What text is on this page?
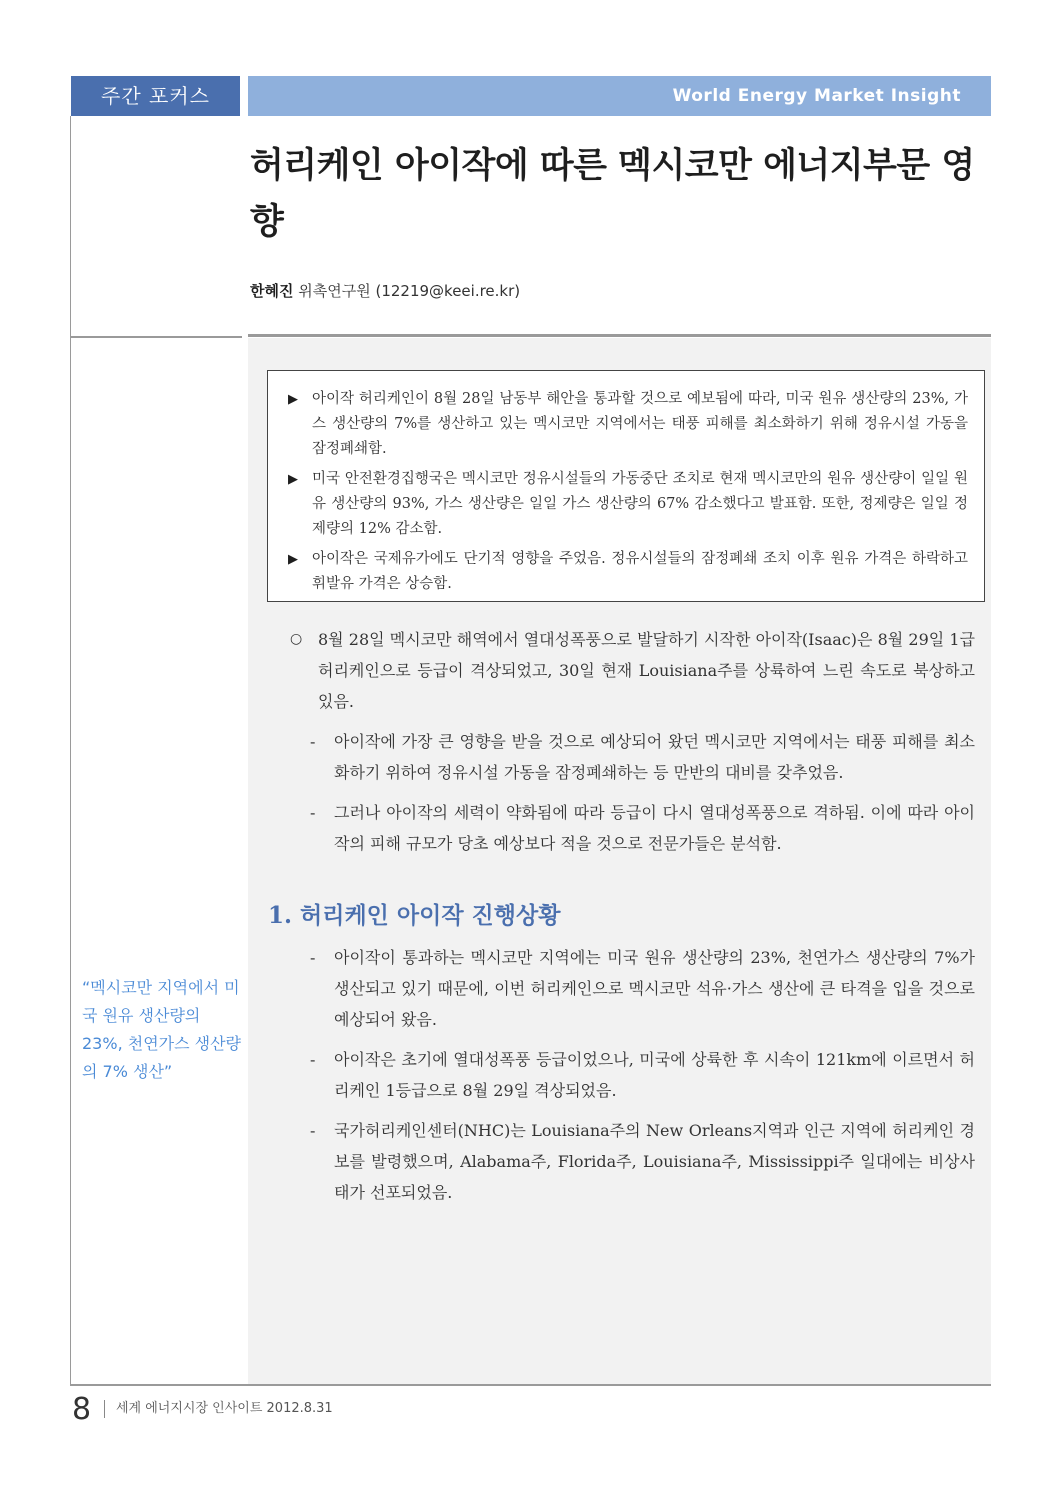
주간 포커스	World Energy Market Insight
허리케인 아이작에 따른 멕시코만 에너지부문 영향
한혜진 위촉연구원 (12219@keei.re.kr)
▶ 아이작 허리케인이 8월 28일 남동부 해안을 통과할 것으로 예보됨에 따라, 미국 원유 생산량의 23%, 가스 생산량의 7%를 생산하고 있는 멕시코만 지역에서는 태풍 피해를 최소화하기 위해 정유시설 가동을 잠정폐쇄함.
▶ 미국 안전환경집행국은 멕시코만 정유시설들의 가동중단 조치로 현재 멕시코만의 원유 생산량이 일일 원유 생산량의 93%, 가스 생산량은 일일 가스 생산량의 67% 감소했다고 발표함. 또한, 정제량은 일일 정제량의 12% 감소함.
▶ 아이작은 국제유가에도 단기적 영향을 주었음. 정유시설들의 잠정폐쇄 조치 이후 원유 가격은 하락하고 휘발유 가격은 상승함.
○ 8월 28일 멕시코만 해역에서 열대성폭풍으로 발달하기 시작한 아이작(Isaac)은 8월 29일 1급 허리케인으로 등급이 격상되었고, 30일 현재 Louisiana주를 상륙하여 느린 속도로 북상하고 있음.
- 아이작에 가장 큰 영향을 받을 것으로 예상되어 왔던 멕시코만 지역에서는 태풍 피해를 최소화하기 위하여 정유시설 가동을 잠정폐쇄하는 등 만반의 대비를 갖추었음.
- 그러나 아이작의 세력이 약화됨에 따라 등급이 다시 열대성폭풍으로 격하됨. 이에 따라 아이작의 피해 규모가 당초 예상보다 적을 것으로 전문가들은 분석함.
1. 허리케인 아이작 진행상황
- 아이작이 통과하는 멕시코만 지역에는 미국 원유 생산량의 23%, 천연가스 생산량의 7%가 생산되고 있기 때문에, 이번 허리케인으로 멕시코만 석유·가스 생산에 큰 타격을 입을 것으로 예상되어 왔음.
- 아이작은 초기에 열대성폭풍 등급이었으나, 미국에 상륙한 후 시속이 121km에 이르면서 허리케인 1등급으로 8월 29일 격상되었음.
- 국가허리케인센터(NHC)는 Louisiana주의 New Orleans지역과 인근 지역에 허리케인 경보를 발령했으며, Alabama주, Florida주, Louisiana주, Mississippi주 일대에는 비상사태가 선포되었음.
“멕시코만 지역에서 미국 원유 생산량의 23%, 천연가스 생산량의 7% 생산”
8 세계 에너지시장 인사이트 2012.8.31
